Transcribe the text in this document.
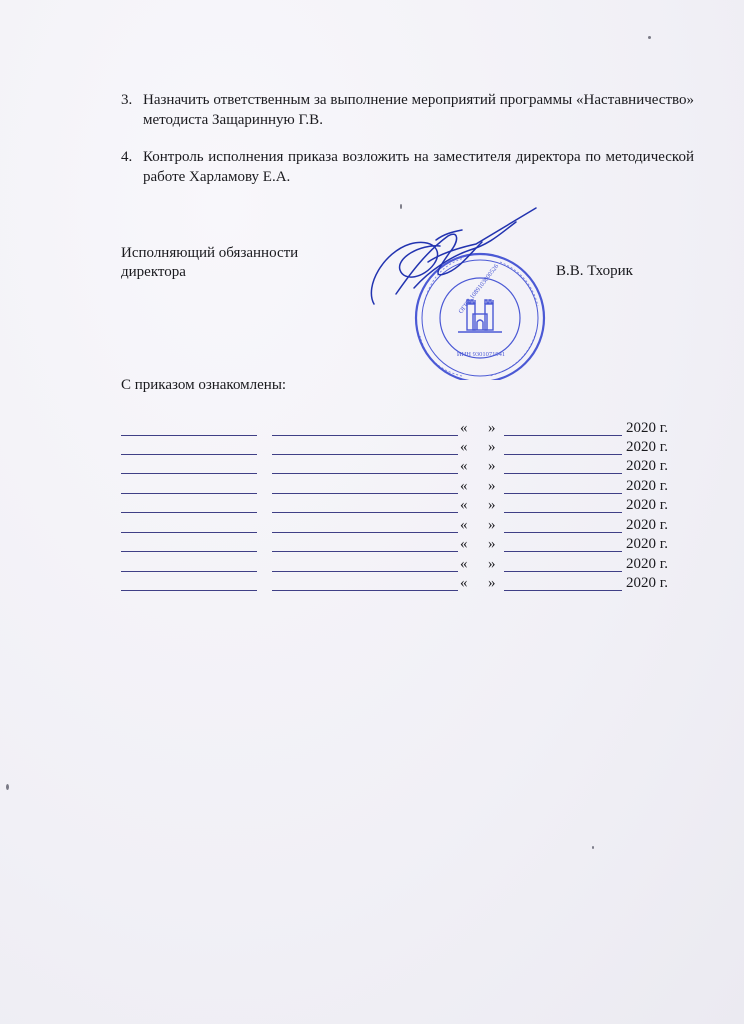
3. Назначить ответственным за выполнение мероприятий программы «Наставничество» методиста Защаринную Г.В.
4. Контроль исполнения приказа возложить на заместителя директора по методической работе Харламову Е.А.
Исполняющий обязанности
директора	ОГРН 1089103000526
ИНН 9301071941
В.В. Тхорик
С приказом ознакомлены:
« »	2020 г.
« »	2020 г.
« »	2020 г.
« »	2020 г.
« »	2020 г.
« »	2020 г.
« »	2020 г.
« »	2020 г.
« »	2020 г.
